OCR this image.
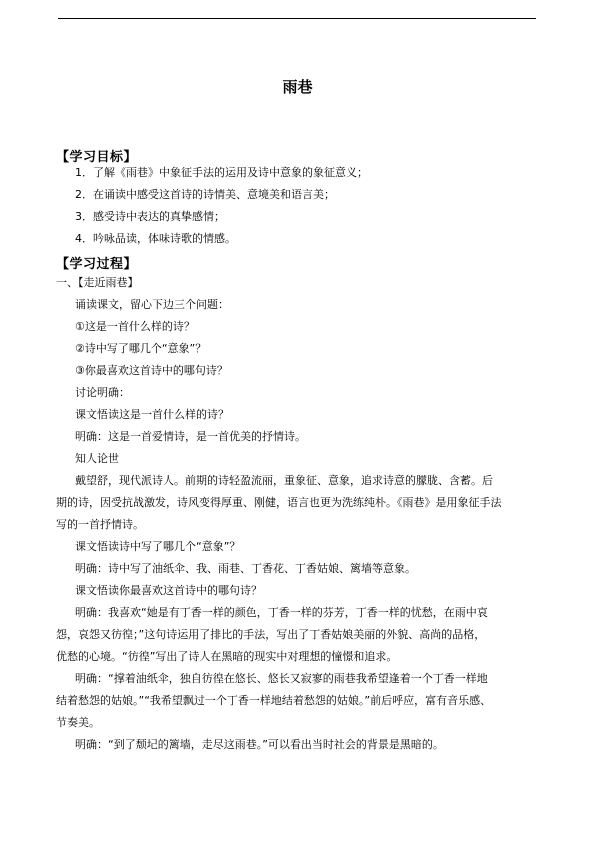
雨巷
【学习目标】
1．了解《雨巷》中象征手法的运用及诗中意象的象征意义；
2．在诵读中感受这首诗的诗情美、意境美和语言美；
3．感受诗中表达的真挚感情；
4．吟咏品读，体味诗歌的情感。
【学习过程】
一、【走近雨巷】
诵读课文，留心下边三个问题：
①这是一首什么样的诗？
②诗中写了哪几个“意象”？
③你最喜欢这首诗中的哪句诗？
讨论明确：
课文悟读这是一首什么样的诗？
明确：这是一首爱情诗，是一首优美的抒情诗。
知人论世
戴望舒，现代派诗人。前期的诗轻盈流丽，重象征、意象，追求诗意的朦胧、含蓄。后
期的诗，因受抗战激发，诗风变得厚重、刚健，语言也更为洗练纯朴。《雨巷》是用象征手法
写的一首抒情诗。
课文悟读诗中写了哪几个“意象”？
明确：诗中写了油纸伞、我、雨巷、丁香花、丁香姑娘、篱墙等意象。
课文悟读你最喜欢这首诗中的哪句诗？
明确：我喜欢“她是有丁香一样的颜色，丁香一样的芬芳，丁香一样的忧愁，在雨中哀
怨，哀怨又彷徨；”这句诗运用了排比的手法，写出了丁香姑娘美丽的外貌、高尚的品格，
优愁的心境。“彷徨”写出了诗人在黑暗的现实中对理想的憧憬和追求。
明确：“撑着油纸伞，独自彷徨在悠长、悠长又寂寥的雨巷我希望逢着一个丁香一样地
结着愁怨的姑娘。”“我希望飘过一个丁香一样地结着愁怨的姑娘。”前后呼应，富有音乐感、
节奏美。
明确：“到了颓圮的篱墙，走尽这雨巷。”可以看出当时社会的背景是黑暗的。
